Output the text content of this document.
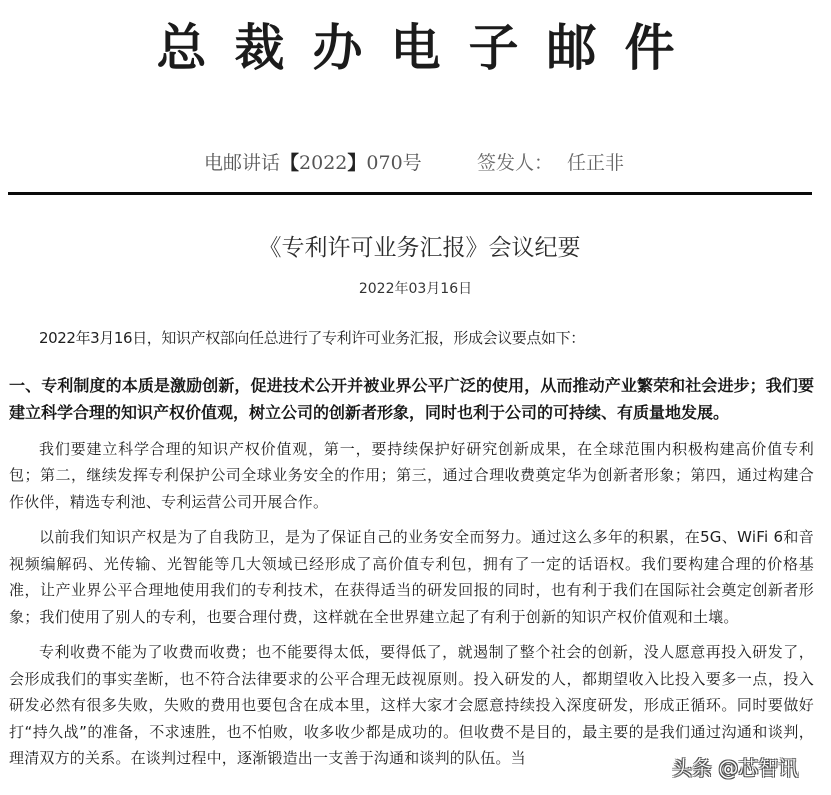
总裁办电子邮件
电邮讲话【2022】070号	签发人： 任正非
《专利许可业务汇报》会议纪要
2022年03月16日

2022年3月16日，知识产权部向任总进行了专利许可业务汇报，形成会议要点如下：

一、专利制度的本质是激励创新，促进技术公开并被业界公平广泛的使用，从而推动产业繁荣和社会进步；我们要建立科学合理的知识产权价值观，树立公司的创新者形象，同时也利于公司的可持续、有质量地发展。

我们要建立科学合理的知识产权价值观，第一，要持续保护好研究创新成果，在全球范围内积极构建高价值专利包；第二，继续发挥专利保护公司全球业务安全的作用；第三，通过合理收费奠定华为创新者形象；第四，通过构建合作伙伴，精选专利池、专利运营公司开展合作。

以前我们知识产权是为了自我防卫，是为了保证自己的业务安全而努力。通过这么多年的积累，在5G、WiFi 6和音视频编解码、光传输、光智能等几大领域已经形成了高价值专利包，拥有了一定的话语权。我们要构建合理的价格基准，让产业界公平合理地使用我们的专利技术，在获得适当的研发回报的同时，也有利于我们在国际社会奠定创新者形象；我们使用了别人的专利，也要合理付费，这样就在全世界建立起了有利于创新的知识产权价值观和土壤。

专利收费不能为了收费而收费；也不能要得太低，要得低了，就遏制了整个社会的创新，没人愿意再投入研发了，会形成我们的事实垄断，也不符合法律要求的公平合理无歧视原则。投入研发的人，都期望收入比投入要多一点，投入研发必然有很多失败，失败的费用也要包含在成本里，这样大家才会愿意持续投入深度研发，形成正循环。同时要做好打“持久战”的准备，不求速胜，也不怕败，收多收少都是成功的。但收费不是目的，最主要的是我们通过沟通和谈判，理清双方的关系。在谈判过程中，逐渐锻造出一支善于沟通和谈判的队伍。当	头条 @芯智讯
